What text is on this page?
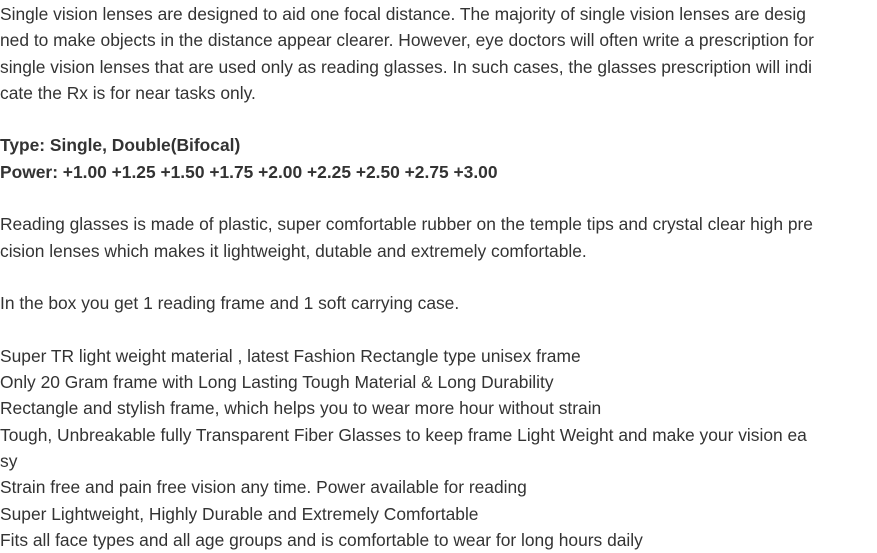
Single vision lenses are designed to aid one focal distance. The majority of single vision lenses are desig
ned to make objects in the distance appear clearer. However, eye doctors will often write a prescription for
single vision lenses that are used only as reading glasses. In such cases, the glasses prescription will indi
cate the Rx is for near tasks only.
Type: Single, Double(Bifocal)
Power: +1.00 +1.25 +1.50 +1.75 +2.00 +2.25 +2.50 +2.75 +3.00
Reading glasses is made of plastic, super comfortable rubber on the temple tips and crystal clear high pre
cision lenses which makes it lightweight, dutable and extremely comfortable.
In the box you get 1 reading frame and 1 soft carrying case.
Super TR light weight material , latest Fashion Rectangle type unisex frame
Only 20 Gram frame with Long Lasting Tough Material & Long Durability
Rectangle and stylish frame, which helps you to wear more hour without strain
Tough, Unbreakable fully Transparent Fiber Glasses to keep frame Light Weight and make your vision ea
sy
Strain free and pain free vision any time. Power available for reading
Super Lightweight, Highly Durable and Extremely Comfortable
Fits all face types and all age groups and is comfortable to wear for long hours daily
